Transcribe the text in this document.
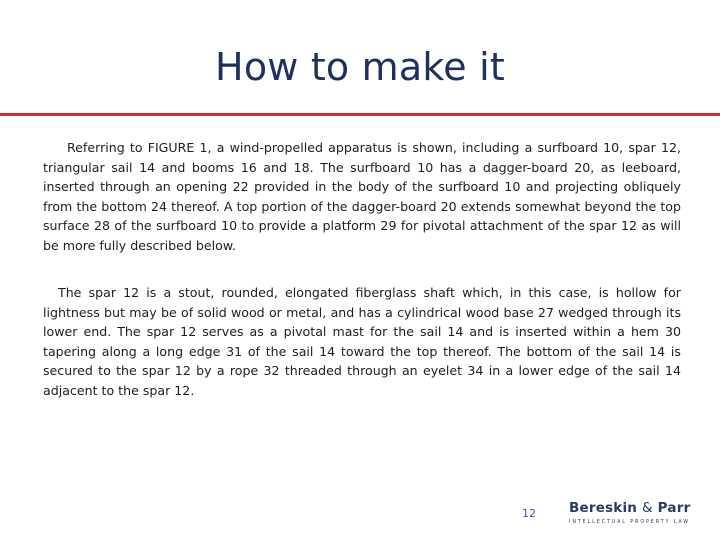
How to make it

Referring to FIGURE 1, a wind-propelled apparatus is shown, including a surfboard 10, spar 12, triangular sail 14 and booms 16 and 18. The surfboard 10 has a dagger-board 20, as leeboard, inserted through an opening 22 provided in the body of the surfboard 10 and projecting obliquely from the bottom 24 thereof. A top portion of the dagger-board 20 extends somewhat beyond the top surface 28 of the surfboard 10 to provide a platform 29 for pivotal attachment of the spar 12 as will be more fully described below.

The spar 12 is a stout, rounded, elongated fiberglass shaft which, in this case, is hollow for lightness but may be of solid wood or metal, and has a cylindrical wood base 27 wedged through its lower end. The spar 12 serves as a pivotal mast for the sail 14 and is inserted within a hem 30 tapering along a long edge 31 of the sail 14 toward the top thereof. The bottom of the sail 14 is secured to the spar 12 by a rope 32 threaded through an eyelet 34 in a lower edge of the sail 14 adjacent to the spar 12.

12 Bereskin & Parr
INTELLECTUAL PROPERTY LAW
